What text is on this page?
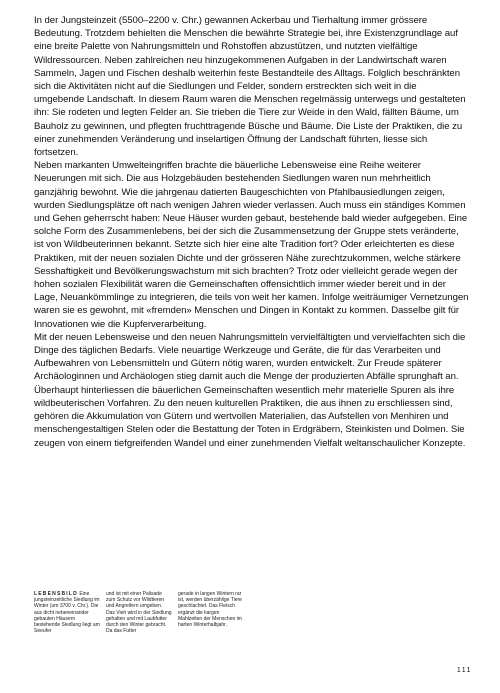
In der Jungsteinzeit (5500–2200 v. Chr.) gewannen Ackerbau und Tierhaltung immer grössere Bedeutung. Trotzdem behielten die Menschen die bewährte Strategie bei, ihre Existenzgrundlage auf eine breite Palette von Nahrungsmitteln und Rohstoffen abzustützen, und nutzten vielfältige Wildressourcen. Neben zahlreichen neu hinzugekommenen Aufgaben in der Landwirtschaft waren Sammeln, Jagen und Fischen deshalb weiterhin feste Bestandteile des Alltags. Folglich beschränkten sich die Aktivitäten nicht auf die Siedlungen und Felder, sondern erstreckten sich weit in die umgebende Landschaft. In diesem Raum waren die Menschen regelmässig unterwegs und gestalteten ihn: Sie rodeten und legten Felder an. Sie trieben die Tiere zur Weide in den Wald, fällten Bäume, um Bauholz zu gewinnen, und pflegten fruchttragende Büsche und Bäume. Die Liste der Praktiken, die zu einer zunehmenden Veränderung und inselartigen Öffnung der Landschaft führten, liesse sich fortsetzen.

Neben markanten Umwelteingriffen brachte die bäuerliche Lebensweise eine Reihe weiterer Neuerungen mit sich. Die aus Holzgebäuden bestehenden Siedlungen waren nun mehrheitlich ganzjährig bewohnt. Wie die jahrgenau datierten Baugeschichten von Pfahlbausiedlungen zeigen, wurden Siedlungsplätze oft nach wenigen Jahren wieder verlassen. Auch muss ein ständiges Kommen und Gehen geherrscht haben: Neue Häuser wurden gebaut, bestehende bald wieder aufgegeben. Eine solche Form des Zusammenlebens, bei der sich die Zusammensetzung der Gruppe stets veränderte, ist von Wildbeuterinnen bekannt. Setzte sich hier eine alte Tradition fort? Oder erleichterten es diese Praktiken, mit der neuen sozialen Dichte und der grösseren Nähe zurechtzukommen, welche stärkere Sesshaftigkeit und Bevölkerungswachstum mit sich brachten? Trotz oder vielleicht gerade wegen der hohen sozialen Flexibilität waren die Gemeinschaften offensichtlich immer wieder bereit und in der Lage, Neuankömmlinge zu integrieren, die teils von weit her kamen. Infolge weiträumiger Vernetzungen waren sie es gewohnt, mit «fremden» Menschen und Dingen in Kontakt zu kommen. Dasselbe gilt für Innovationen wie die Kupferverarbeitung.

Mit der neuen Lebensweise und den neuen Nahrungsmitteln vervielfältigten und vervielfachten sich die Dinge des täglichen Bedarfs. Viele neuartige Werkzeuge und Geräte, die für das Verarbeiten und Aufbewahren von Lebensmitteln und Gütern nötig waren, wurden entwickelt. Zur Freude späterer Archäologinnen und Archäologen stieg damit auch die Menge der produzierten Abfälle sprunghaft an. Überhaupt hinterliessen die bäuerlichen Gemeinschaften wesentlich mehr materielle Spuren als ihre wildbeuterischen Vorfahren. Zu den neuen kulturellen Praktiken, die aus ihnen zu erschliessen sind, gehören die Akkumulation von Gütern und wertvollen Materialien, das Aufstellen von Menhiren und menschengestaltigen Stelen oder die Bestattung der Toten in Erdgräbern, Steinkisten und Dolmen. Sie zeugen von einem tiefgreifenden Wandel und einer zunehmenden Vielfalt weltanschaulicher Konzepte.

LEBENSBILD Eine jungsteinzeitliche Siedlung im Winter (um 3700 v. Chr.). Die aus dicht nebeneinander gebauten Häusern bestehende Siedlung liegt am Seeufer
und ist mit einer Palisade zum Schutz vor Wildtieren und Angreifern umgeben. Das Vieh wird in der Siedlung gehalten und mit Laubfutter durch den Winter gebracht. Da das Futter
gerade in langen Wintern rar ist, werden überzählige Tiere geschlachtet. Das Fleisch ergänzt die kargen Mahlzeiten der Menschen im harten Winterhalbjahr.
111
